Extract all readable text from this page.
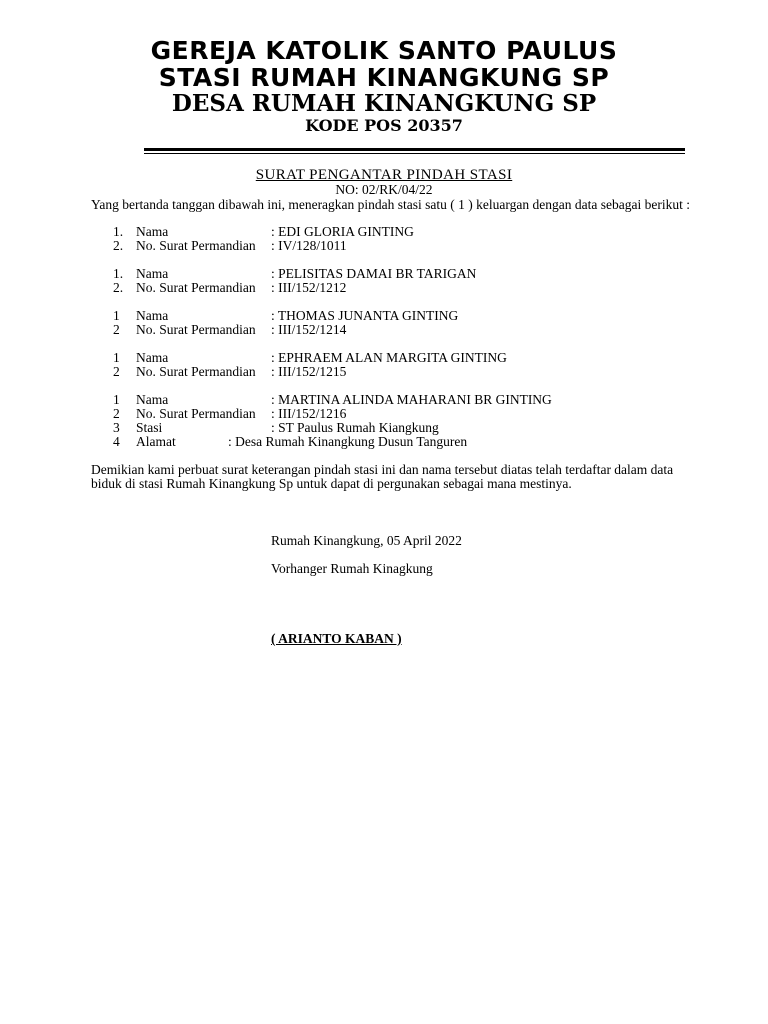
GEREJA KATOLIK SANTO PAULUS
STASI RUMAH KINANGKUNG SP
DESA RUMAH KINANGKUNG SP
KODE POS 20357
SURAT PENGANTAR PINDAH STASI
NO: 02/RK/04/22
Yang bertanda tanggan dibawah ini, meneragkan pindah stasi satu ( 1 ) keluargan dengan data sebagai berikut :
1. Nama	: EDI GLORIA GINTING
2. No. Surat Permandian : IV/128/1011
1. Nama	: PELISITAS DAMAI BR TARIGAN
2. No. Surat Permandian : III/152/1212
1 Nama	: THOMAS JUNANTA GINTING
2 No. Surat Permandian : III/152/1214
1 Nama	: EPHRAEM ALAN MARGITA GINTING
2 No. Surat Permandian : III/152/1215
1 Nama	: MARTINA ALINDA MAHARANI BR GINTING
2 No. Surat Permandian : III/152/1216
3 Stasi	: ST Paulus Rumah Kiangkung
4 Alamat	: Desa Rumah Kinangkung Dusun Tanguren
Demikian kami perbuat surat keterangan pindah stasi ini dan nama tersebut diatas telah terdaftar dalam data biduk di stasi Rumah Kinangkung Sp untuk dapat di pergunakan sebagai mana mestinya.
Rumah Kinangkung, 05 April 2022
Vorhanger Rumah Kinagkung
( ARIANTO KABAN )
